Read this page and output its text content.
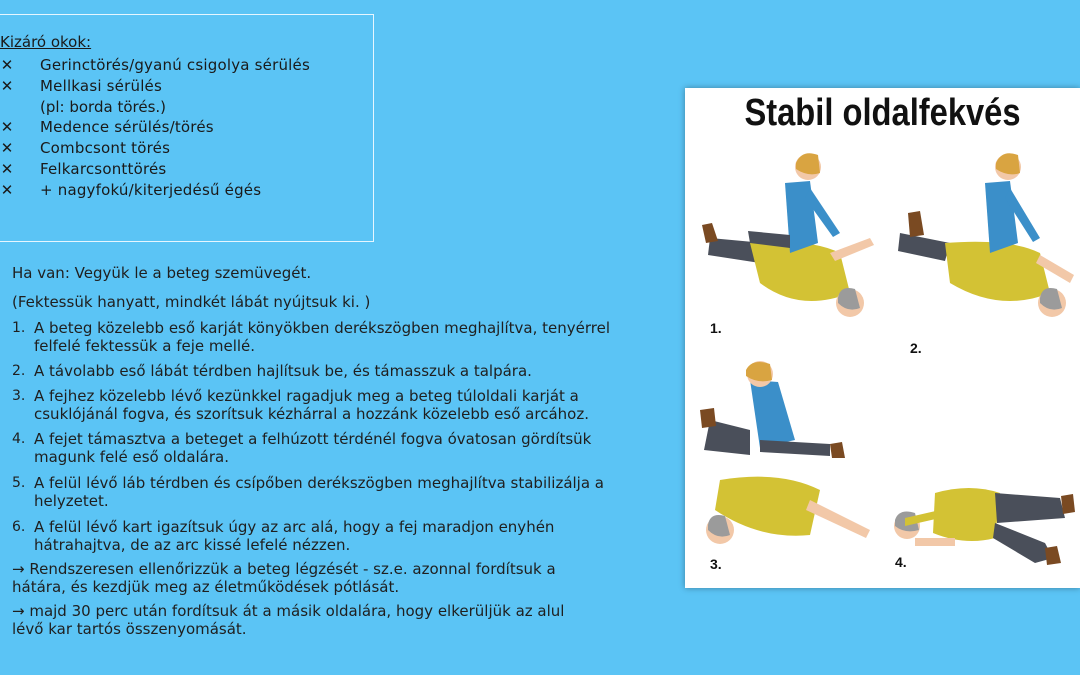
Kizáró okok:
✕ Gerinctörés/gyanú csigolya sérülés
✕ Mellkasi sérülés
(pl: borda törés.)
✕ Medence sérülés/törés
✕ Combcsont törés
✕ Felkarcsonttörés
✕ + nagyfokú/kiterjedésű égés
Ha van: Vegyük le a beteg szemüvegét.
(Fektessük hanyatt, mindkét lábát nyújtsuk ki. )
1. A beteg közelebb eső karját könyökben derékszögben meghajlítva, tenyérrel felfelé fektessük a feje mellé.
2. A távolabb eső lábát térdben hajlítsuk be, és támasszuk a talpára.
3. A fejhez közelebb lévő kezünkkel ragadjuk meg a beteg túloldali karját a csuklójánál fogva, és szorítsuk kézhárral a hozzánk közelebb eső arcához.
4. A fejet támasztva a beteget a felhúzott térdénél fogva óvatosan gördítsük magunk felé eső oldalára.
5. A felül lévő láb térdben és csípőben derékszögben meghajlítva stabilizálja a helyzetet.
6. A felül lévő kart igazítsuk úgy az arc alá, hogy a fej maradjon enyhén hátrahajtva, de az arc kissé lefelé nézzen.
→ Rendszeresen ellenőrizzük a beteg légzését - sz.e. azonnal fordítsuk a hátára, és kezdjük meg az életműködések pótlását.
→ majd 30 perc után fordítsuk át a másik oldalára, hogy elkerüljük az alul lévő kar tartós összenyomását.
Stabil oldalfekvés
1.
2.
3.	4.
